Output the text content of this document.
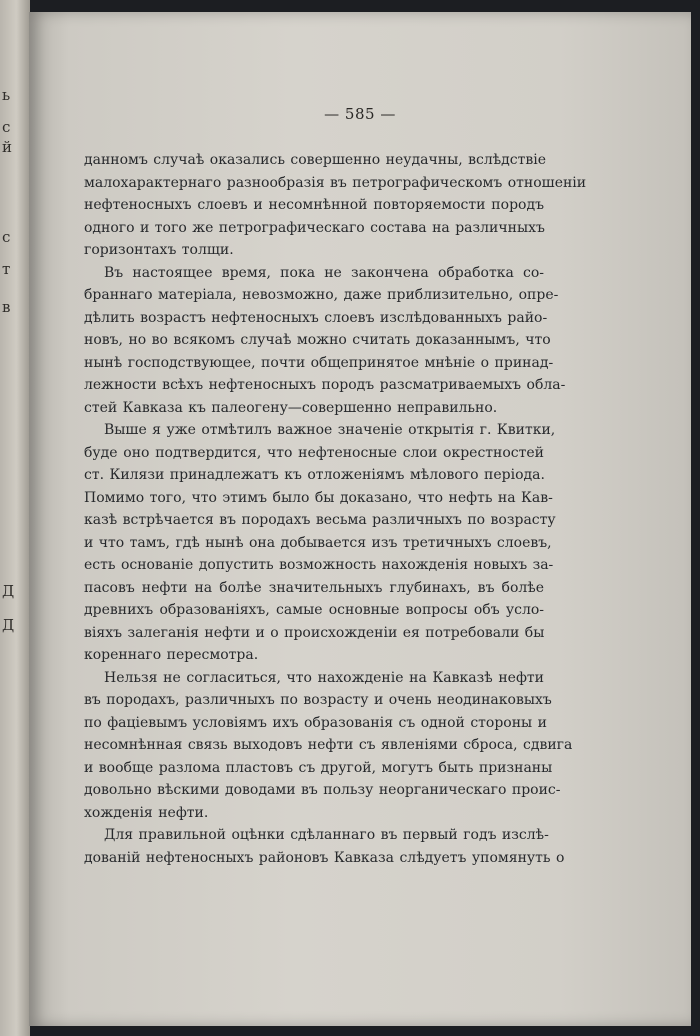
ь
с
й
с
т
в
Д
Д
— 585 —
данномъ случаѣ оказались совершенно неудачны, вслѣдствіе
малохарактернаго разнообразія въ петрографическомъ отношеніи
нефтеносныхъ слоевъ и несомнѣнной повторяемости породъ
одного и того же петрографическаго состава на различныхъ
горизонтахъ толщи.
Въ настоящее время, пока не закончена обработка со-
браннаго матеріала, невозможно, даже приблизительно, опре-
дѣлить возрастъ нефтеносныхъ слоевъ изслѣдованныхъ райо-
новъ, но во всякомъ случаѣ можно считать доказаннымъ, что
нынѣ господствующее, почти общепринятое мнѣніе о принад-
лежности всѣхъ нефтеносныхъ породъ разсматриваемыхъ обла-
стей Кавказа къ палеогену—совершенно неправильно.
Выше я уже отмѣтилъ важное значеніе открытія г. Квитки,
буде оно подтвердится, что нефтеносные слои окрестностей
ст. Килязи принадлежатъ къ отложеніямъ мѣлового періода.
Помимо того, что этимъ было бы доказано, что нефть на Кав-
казѣ встрѣчается въ породахъ весьма различныхъ по возрасту
и что тамъ, гдѣ нынѣ она добывается изъ третичныхъ слоевъ,
есть основаніе допустить возможность нахожденія новыхъ за-
пасовъ нефти на болѣе значительныхъ глубинахъ, въ болѣе
древнихъ образованіяхъ, самые основные вопросы объ усло-
віяхъ залеганія нефти и о происхожденіи ея потребовали бы
кореннаго пересмотра.
Нельзя не согласиться, что нахожденіе на Кавказѣ нефти
въ породахъ, различныхъ по возрасту и очень неодинаковыхъ
по фаціевымъ условіямъ ихъ образованія съ одной стороны и
несомнѣнная связь выходовъ нефти съ явленіями сброса, сдвига
и вообще разлома пластовъ съ другой, могутъ быть признаны
довольно вѣскими доводами въ пользу неорганическаго проис-
хожденія нефти.
Для правильной оцѣнки сдѣланнаго въ первый годъ изслѣ-
дованій нефтеносныхъ районовъ Кавказа слѣдуетъ упомянуть о
